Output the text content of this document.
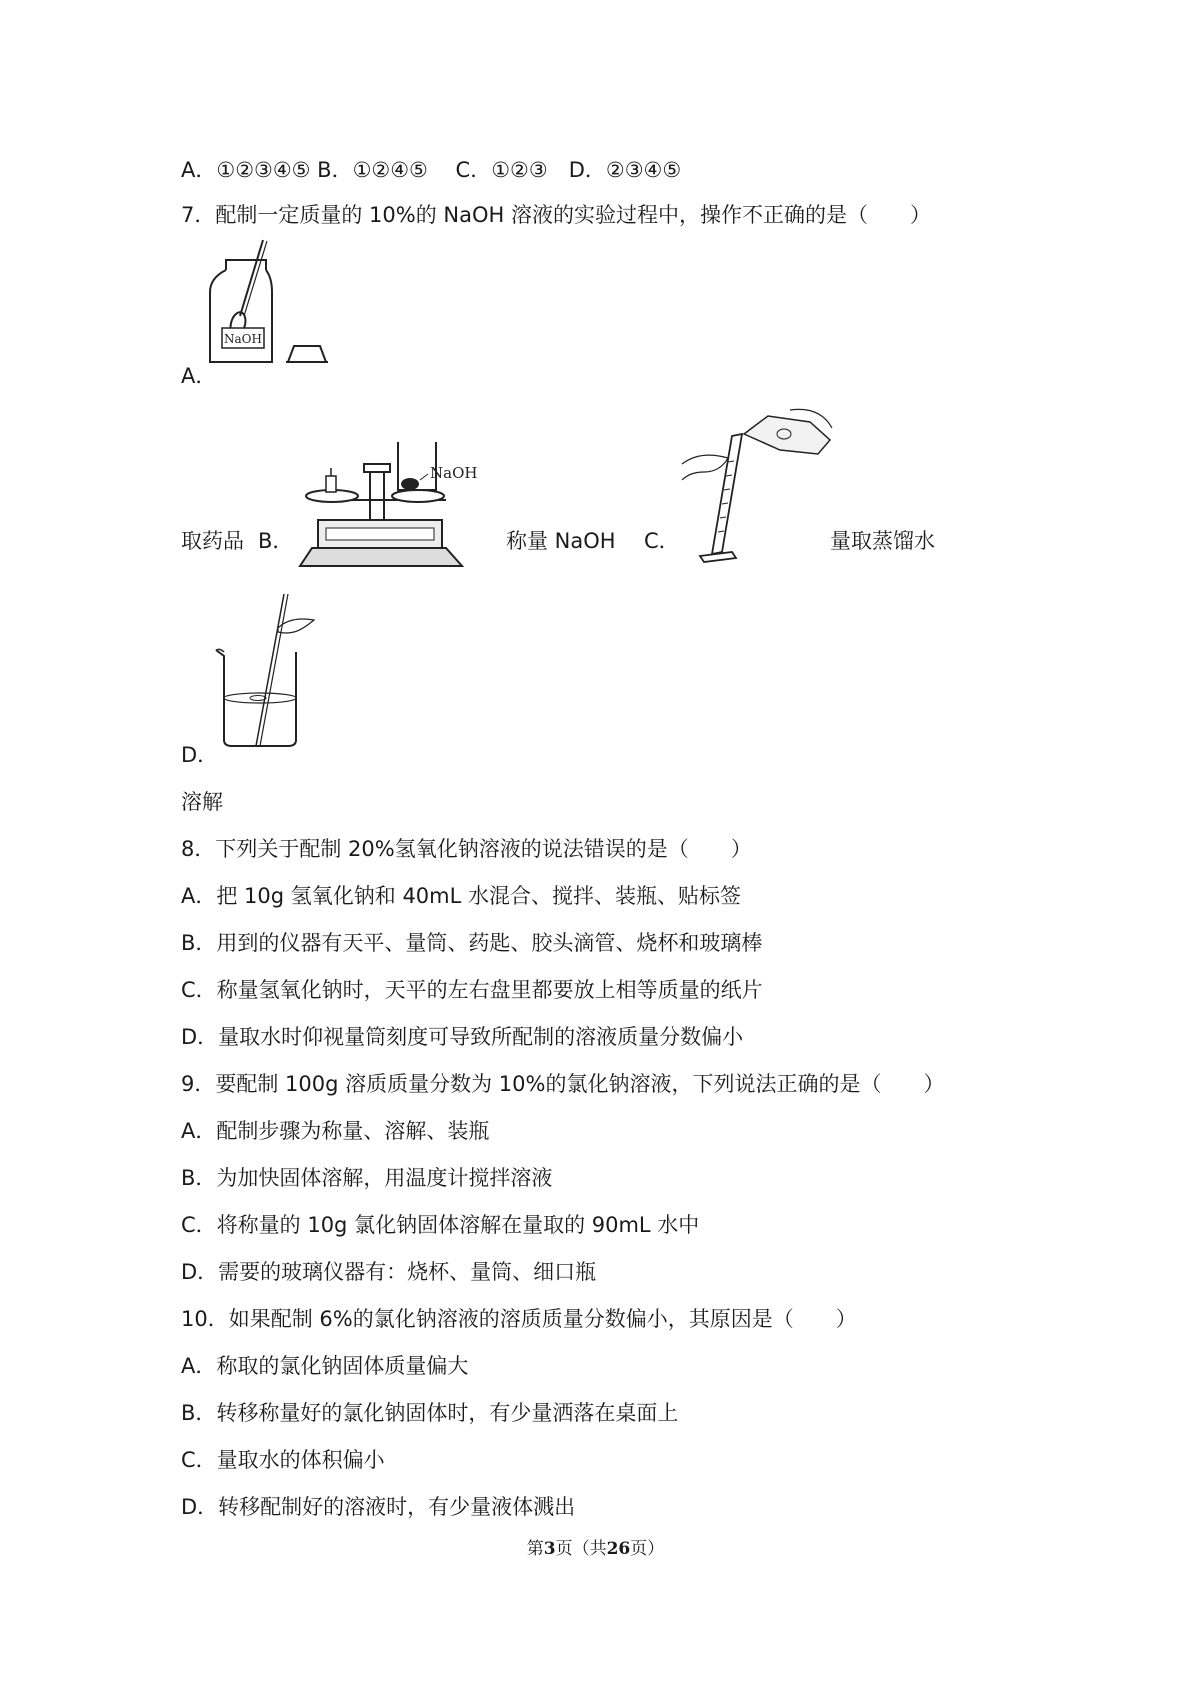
A．①②③④⑤ B．①②④⑤　 C．①②③　D．②③④⑤
7．配制一定质量的 10%的 NaOH 溶液的实验过程中，操作不正确的是（　　）
A．
NaOH
取药品 B．
NaOH
称量 NaOH C．	量取蒸馏水
D．
溶解
8．下列关于配制 20%氢氧化钠溶液的说法错误的是（　　）
A．把 10g 氢氧化钠和 40mL 水混合、搅拌、装瓶、贴标签
B．用到的仪器有天平、量筒、药匙、胶头滴管、烧杯和玻璃棒
C．称量氢氧化钠时，天平的左右盘里都要放上相等质量的纸片
D．量取水时仰视量筒刻度可导致所配制的溶液质量分数偏小
9．要配制 100g 溶质质量分数为 10%的氯化钠溶液，下列说法正确的是（　　）
A．配制步骤为称量、溶解、装瓶
B．为加快固体溶解，用温度计搅拌溶液
C．将称量的 10g 氯化钠固体溶解在量取的 90mL 水中
D．需要的玻璃仪器有：烧杯、量筒、细口瓶
10．如果配制 6%的氯化钠溶液的溶质质量分数偏小，其原因是（　　）
A．称取的氯化钠固体质量偏大
B．转移称量好的氯化钠固体时，有少量洒落在桌面上
C．量取水的体积偏小
D．转移配制好的溶液时，有少量液体溅出
第3页（共26页）
